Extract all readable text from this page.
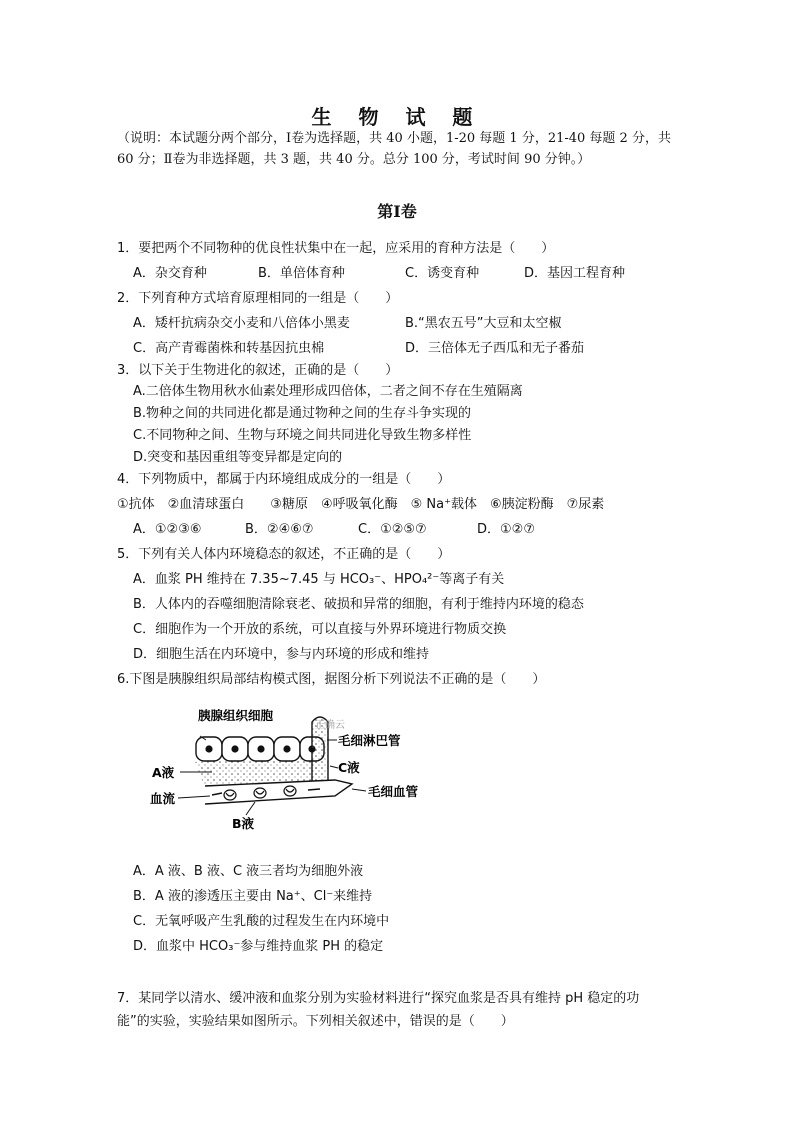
生 物 试 题
（说明：本试题分两个部分，Ⅰ卷为选择题，共 40 小题，1-20 每题 1 分，21-40 每题 2 分，共 60 分；Ⅱ卷为非选择题，共 3 题，共 40 分。总分 100 分，考试时间 90 分钟。）
第Ⅰ卷
1．要把两个不同物种的优良性状集中在一起，应采用的育种方法是（　　）
A．杂交育种	B．单倍体育种	C．诱变育种	D．基因工程育种
2．下列育种方式培育原理相同的一组是（　　）
A．矮杆抗病杂交小麦和八倍体小黑麦	B.“黑农五号”大豆和太空椒
C．高产青霉菌株和转基因抗虫棉	D．三倍体无子西瓜和无子番茄
3．以下关于生物进化的叙述，正确的是（　　）
A.二倍体生物用秋水仙素处理形成四倍体，二者之间不存在生殖隔离
B.物种之间的共同进化都是通过物种之间的生存斗争实现的
C.不同物种之间、生物与环境之间共同进化导致生物多样性
D.突变和基因重组等变异都是定向的
4．下列物质中，都属于内环境组成成分的一组是（　　）
①抗体　②血清球蛋白　　③糖原　④呼吸氧化酶　⑤ Na⁺载体　⑥胰淀粉酶　⑦尿素
A．①②③⑥	B．②④⑥⑦	C．①②⑤⑦	D．①②⑦
5．下列有关人体内环境稳态的叙述，不正确的是（　　）
A．血浆 PH 维持在 7.35~7.45 与 HCO₃⁻、HPO₄²⁻等离子有关
B．人体内的吞噬细胞清除衰老、破损和异常的细胞，有利于维持内环境的稳态
C．细胞作为一个开放的系统，可以直接与外界环境进行物质交换
D．细胞生活在内环境中，参与内环境的形成和维持
6.下图是胰腺组织局部结构模式图，据图分析下列说法不正确的是（　　）
胰腺组织细胞
正确云
毛细淋巴管
C液
A液
血流	毛细血管
B液
A．A 液、B 液、C 液三者均为细胞外液
B．A 液的渗透压主要由 Na⁺、Cl⁻来维持
C．无氧呼吸产生乳酸的过程发生在内环境中
D．血浆中 HCO₃⁻参与维持血浆 PH 的稳定
7．某同学以清水、缓冲液和血浆分别为实验材料进行“探究血浆是否具有维持 pH 稳定的功
能”的实验，实验结果如图所示。下列相关叙述中，错误的是（　　）
